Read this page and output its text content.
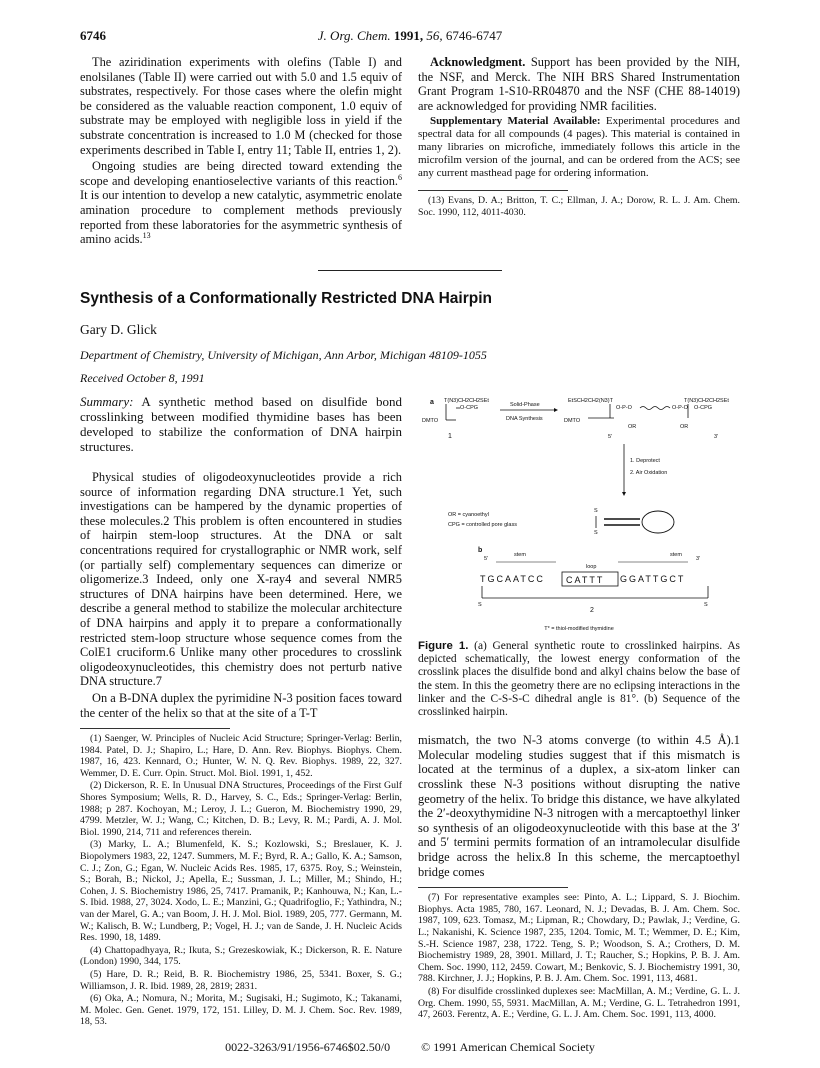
6746	J. Org. Chem. 1991, 56, 6746-6747

The aziridination experiments with olefins (Table I) and enolsilanes (Table II) were carried out with 5.0 and 1.5 equiv of substrates, respectively. For those cases where the olefin might be considered as the valuable reaction component, 1.0 equiv of substrate may be employed with negligible loss in yield if the substrate concentration is increased to 1.0 M (checked for those experiments described in Table I, entry 11; Table II, entries 1, 2).

Ongoing studies are being directed toward extending the scope and developing enantioselective variants of this reaction.$^6$ It is our intention to develop a new catalytic, asymmetric enolate amination procedure to complement methods previously reported from these laboratories for the asymmetric synthesis of amino acids.$^{13}$

Acknowledgment. Support has been provided by the NIH, the NSF, and Merck. The NIH BRS Shared Instrumentation Grant Program 1-S10-RR04870 and the NSF (CHE 88-14019) are acknowledged for providing NMR facilities.

Supplementary Material Available: Experimental procedures and spectral data for all compounds (4 pages). This material is contained in many libraries on microfiche, immediately follows this article in the microfilm version of the journal, and can be ordered from the ACS; see any current masthead page for ordering information.

(13) Evans, D. A.; Britton, T. C.; Ellman, J. A.; Dorow, R. L. J. Am. Chem. Soc. 1990, 112, 4011-4030.

Synthesis of a Conformationally Restricted DNA Hairpin
Gary D. Glick
Department of Chemistry, University of Michigan, Ann Arbor, Michigan 48109-1055
Received October 8, 1991

Summary: A synthetic method based on disulfide bond crosslinking between modified thymidine bases has been developed to stabilize the conformation of DNA hairpin structures.

Physical studies of oligodeoxynucleotides provide a rich source of information regarding DNA structure.1 Yet, such investigations can be hampered by the dynamic properties of these molecules.2 This problem is often encountered in studies of hairpin stem-loop structures. At the DNA or salt concentrations required for crystallographic or NMR work, self (or partially self) complementary sequences can dimerize or oligomerize.3 Indeed, only one X-ray4 and several NMR5 structures of DNA hairpins have been determined. Here, we describe a general method to stabilize the molecular architecture of DNA hairpins and apply it to prepare a conformationally restricted stem-loop structure whose sequence comes from the ColE1 cruciform.6 Unlike many other procedures to crosslink oligodeoxynucleotides, this chemistry does not perturb native DNA structure.7

On a B-DNA duplex the pyrimidine N-3 position faces toward the center of the helix so that at the site of a T-T

(1) Saenger, W. Principles of Nucleic Acid Structure; Springer-Verlag: Berlin, 1984. Patel, D. J.; Shapiro, L.; Hare, D. Ann. Rev. Biophys. Biophys. Chem. 1987, 16, 423. Kennard, O.; Hunter, W. N. Q. Rev. Biophys. 1989, 22, 327. Wemmer, D. E. Curr. Opin. Struct. Mol. Biol. 1991, 1, 452.

(2) Dickerson, R. E. In Unusual DNA Structures, Proceedings of the First Gulf Shores Symposium; Wells, R. D., Harvey, S. C., Eds.; Springer-Verlag: Berlin, 1988; p 287. Kochoyan, M.; Leroy, J. L.; Gueron, M. Biochemistry 1990, 29, 4799. Metzler, W. J.; Wang, C.; Kitchen, D. B.; Levy, R. M.; Pardi, A. J. Mol. Biol. 1990, 214, 711 and references therein.

(3) Marky, L. A.; Blumenfeld, K. S.; Kozlowski, S.; Breslauer, K. J. Biopolymers 1983, 22, 1247. Summers, M. F.; Byrd, R. A.; Gallo, K. A.; Samson, C. J.; Zon, G.; Egan, W. Nucleic Acids Res. 1985, 17, 6375. Roy, S.; Weinstein, S.; Borah, B.; Nickol, J.; Apella, E.; Sussman, J. L.; Miller, M.; Shindo, H.; Cohen, J. S. Biochemistry 1986, 25, 7417. Pramanik, P.; Kanhouwa, N.; Kan, L.-S. Ibid. 1988, 27, 3024. Xodo, L. E.; Manzini, G.; Quadrifoglio, F.; Yathindra, N.; van der Marel, G. A.; van Boom, J. H. J. Mol. Biol. 1989, 205, 777. Germann, M. W.; Kalisch, B. W.; Lundberg, P.; Vogel, H. J.; van de Sande, J. H. Nucleic Acids Res. 1990, 18, 1489.

(4) Chattopadhyaya, R.; Ikuta, S.; Grezeskowiak, K.; Dickerson, R. E. Nature (London) 1990, 344, 175.

(5) Hare, D. R.; Reid, B. R. Biochemistry 1986, 25, 5341. Boxer, S. G.; Williamson, J. R. Ibid. 1989, 28, 2819; 2831.

(6) Oka, A.; Nomura, N.; Morita, M.; Sugisaki, H.; Sugimoto, K.; Takanami, M. Molec. Gen. Genet. 1979, 172, 151. Lilley, D. M. J. Chem. Soc. Rev. 1989, 18, 53.

a T(N3)CH2CH2SEt
DMTO
O-CPG
1
Solid-Phase
DNA Synthesis
EtSCH2CH2(N3)T
DMTO
O-P-O	O-P-O
T(N3)CH2CH2SEt
O-CPG
OR	OR
5'	3'
1. Deprotect
2. Air Oxidation
OR = cyanoethyl
CPG = controlled pore glass
S
S
b
5'
stem
loop
stem
3'
TGCAATCC CATTT GGATTGCT
S	S
2
T* = thiol-modified thymidine
Figure 1. (a) General synthetic route to crosslinked hairpins. As depicted schematically, the lowest energy conformation of the crosslink places the disulfide bond and alkyl chains below the base of the stem. In this the geometry there are no eclipsing interactions in the linker and the C-S-S-C dihedral angle is 81°. (b) Sequence of the crosslinked hairpin.

mismatch, the two N-3 atoms converge (to within 4.5 Å).1 Molecular modeling studies suggest that if this mismatch is located at the terminus of a duplex, a six-atom linker can crosslink these N-3 positions without disrupting the native geometry of the helix. To bridge this distance, we have alkylated the 2′-deoxythymidine N-3 nitrogen with a mercaptoethyl linker so synthesis of an oligodeoxynucleotide with this base at the 3′ and 5′ termini permits formation of an intramolecular disulfide bridge across the helix.8 In this scheme, the mercaptoethyl bridge comes

(7) For representative examples see: Pinto, A. L.; Lippard, S. J. Biochim. Biophys. Acta 1985, 780, 167. Leonard, N. J.; Devadas, B. J. Am. Chem. Soc. 1987, 109, 623. Tomasz, M.; Lipman, R.; Chowdary, D.; Pawlak, J.; Verdine, G. L.; Nakanishi, K. Science 1987, 235, 1204. Tomic, M. T.; Wemmer, D. E.; Kim, S.-H. Science 1987, 238, 1722. Teng, S. P.; Woodson, S. A.; Crothers, D. M. Biochemistry 1989, 28, 3901. Millard, J. T.; Raucher, S.; Hopkins, P. B. J. Am. Chem. Soc. 1990, 112, 2459. Cowart, M.; Benkovic, S. J. Biochemistry 1991, 30, 788. Kirchner, J. J.; Hopkins, P. B. J. Am. Chem. Soc. 1991, 113, 4681.

(8) For disulfide crosslinked duplexes see: MacMillan, A. M.; Verdine, G. L. J. Org. Chem. 1990, 55, 5931. MacMillan, A. M.; Verdine, G. L. Tetrahedron 1991, 47, 2603. Ferentz, A. E.; Verdine, G. L. J. Am. Chem. Soc. 1991, 113, 4000.

0022-3263/91/1956-6746$02.50/0	© 1991 American Chemical Society
